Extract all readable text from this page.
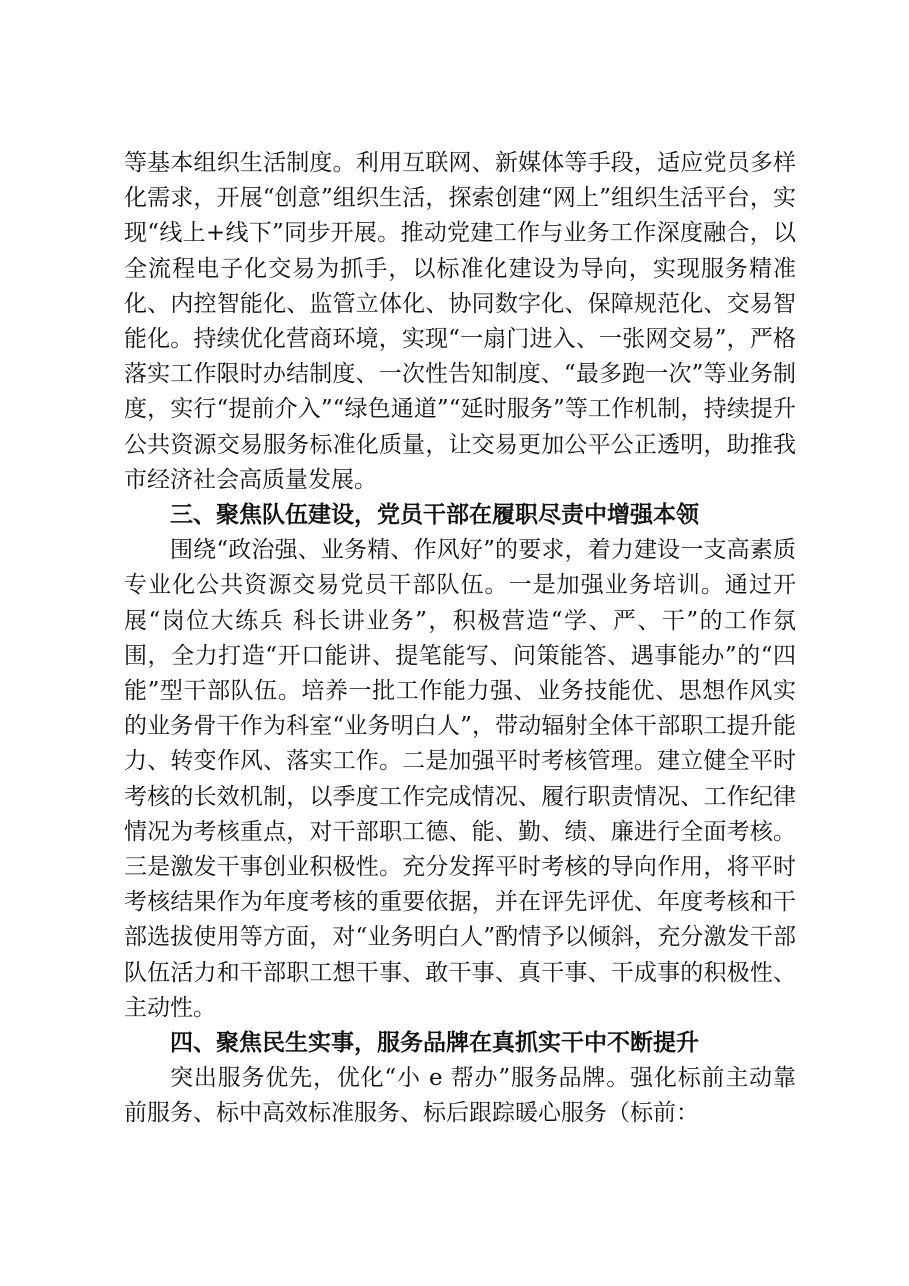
等基本组织生活制度。利用互联网、新媒体等手段，适应党员多样化需求，开展“创意”组织生活，探索创建“网上”组织生活平台，实现“线上+线下”同步开展。推动党建工作与业务工作深度融合，以全流程电子化交易为抓手，以标准化建设为导向，实现服务精准化、内控智能化、监管立体化、协同数字化、保障规范化、交易智能化。持续优化营商环境，实现“一扇门进入、一张网交易”，严格落实工作限时办结制度、一次性告知制度、“最多跑一次”等业务制度，实行“提前介入”“绿色通道”“延时服务”等工作机制，持续提升公共资源交易服务标准化质量，让交易更加公平公正透明，助推我市经济社会高质量发展。

三、聚焦队伍建设，党员干部在履职尽责中增强本领

围绕“政治强、业务精、作风好”的要求，着力建设一支高素质专业化公共资源交易党员干部队伍。一是加强业务培训。通过开展“岗位大练兵 科长讲业务”，积极营造“学、严、干”的工作氛围，全力打造“开口能讲、提笔能写、问策能答、遇事能办”的“四能”型干部队伍。培养一批工作能力强、业务技能优、思想作风实的业务骨干作为科室“业务明白人”，带动辐射全体干部职工提升能力、转变作风、落实工作。二是加强平时考核管理。建立健全平时考核的长效机制，以季度工作完成情况、履行职责情况、工作纪律情况为考核重点，对干部职工德、能、勤、绩、廉进行全面考核。三是激发干事创业积极性。充分发挥平时考核的导向作用，将平时考核结果作为年度考核的重要依据，并在评先评优、年度考核和干部选拔使用等方面，对“业务明白人”酌情予以倾斜，充分激发干部队伍活力和干部职工想干事、敢干事、真干事、干成事的积极性、主动性。

四、聚焦民生实事，服务品牌在真抓实干中不断提升

突出服务优先，优化“小 e 帮办”服务品牌。强化标前主动靠前服务、标中高效标准服务、标后跟踪暖心服务（标前：
